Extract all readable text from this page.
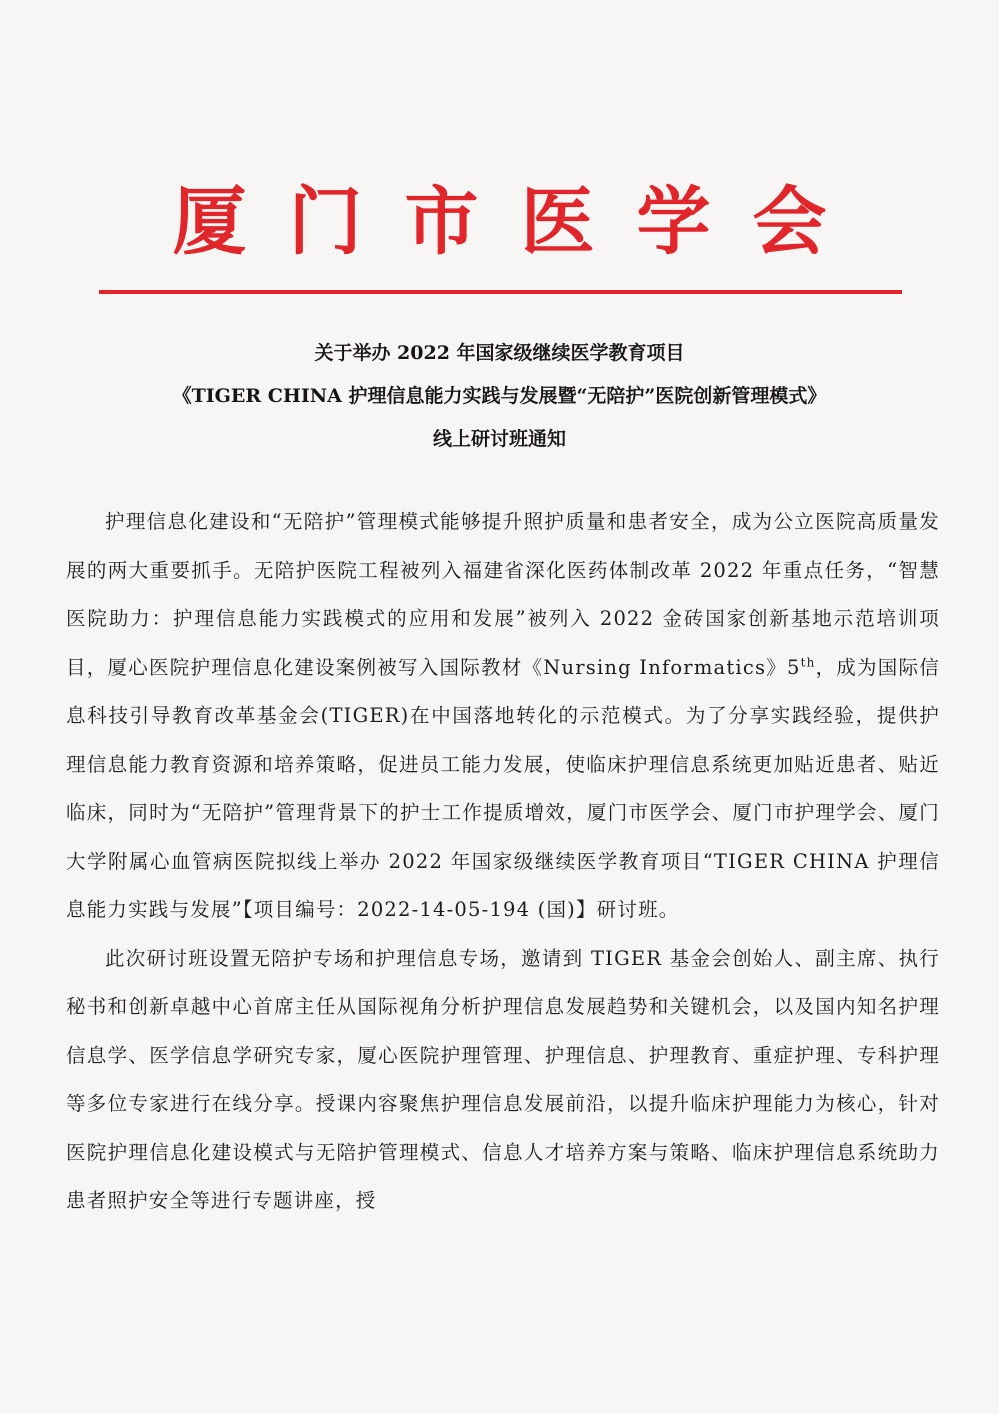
厦门市医学会
关于举办 2022 年国家级继续医学教育项目
《TIGER CHINA 护理信息能力实践与发展暨“无陪护”医院创新管理模式》
线上研讨班通知

护理信息化建设和“无陪护”管理模式能够提升照护质量和患者安全，成为公立医院高质量发展的两大重要抓手。无陪护医院工程被列入福建省深化医药体制改革 2022 年重点任务，“智慧医院助力：护理信息能力实践模式的应用和发展”被列入 2022 金砖国家创新基地示范培训项目，厦心医院护理信息化建设案例被写入国际教材《Nursing Informatics》5th，成为国际信息科技引导教育改革基金会(TIGER)在中国落地转化的示范模式。为了分享实践经验，提供护理信息能力教育资源和培养策略，促进员工能力发展，使临床护理信息系统更加贴近患者、贴近临床，同时为“无陪护”管理背景下的护士工作提质增效，厦门市医学会、厦门市护理学会、厦门大学附属心血管病医院拟线上举办 2022 年国家级继续医学教育项目“TIGER CHINA 护理信息能力实践与发展”【项目编号：2022-14-05-194 (国)】研讨班。

此次研讨班设置无陪护专场和护理信息专场，邀请到 TIGER 基金会创始人、副主席、执行秘书和创新卓越中心首席主任从国际视角分析护理信息发展趋势和关键机会，以及国内知名护理信息学、医学信息学研究专家，厦心医院护理管理、护理信息、护理教育、重症护理、专科护理等多位专家进行在线分享。授课内容聚焦护理信息发展前沿，以提升临床护理能力为核心，针对医院护理信息化建设模式与无陪护管理模式、信息人才培养方案与策略、临床护理信息系统助力患者照护安全等进行专题讲座，授
